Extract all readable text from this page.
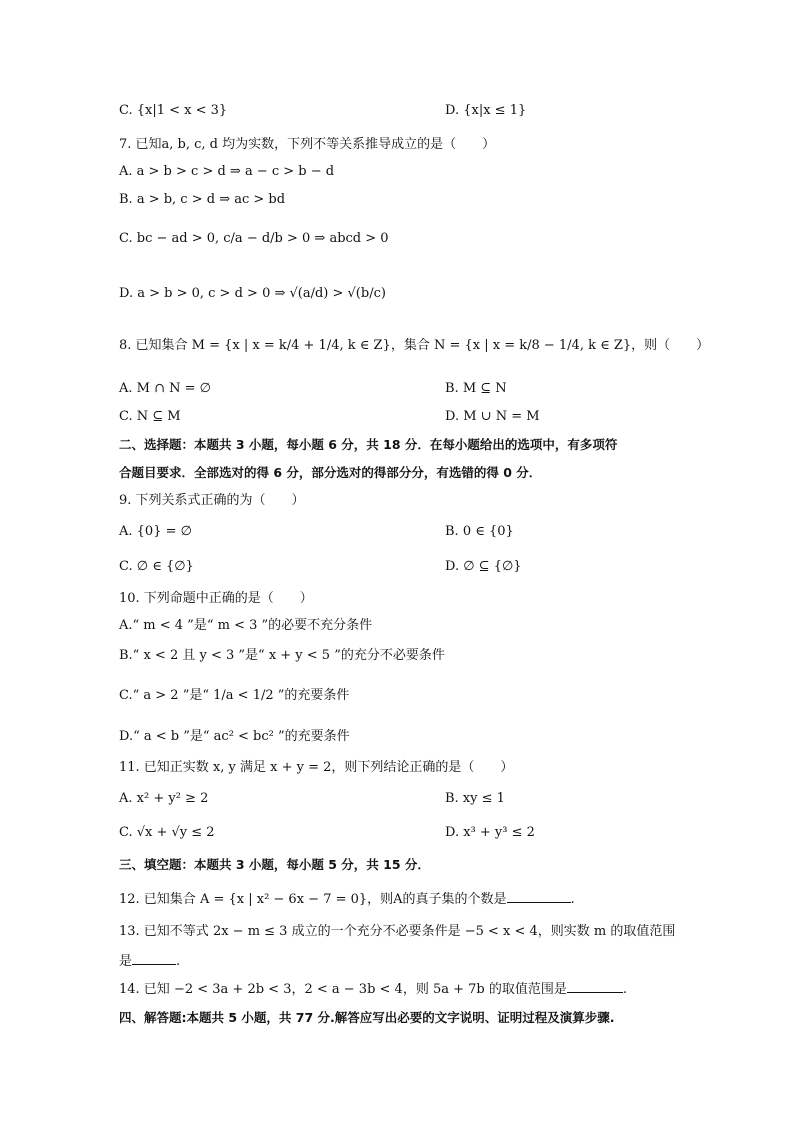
C. {x|1 < x < 3}	D. {x|x ≤ 1}
7. 已知a, b, c, d 均为实数，下列不等关系推导成立的是（　　）
A. a > b > c > d ⇒ a − c > b − d
B. a > b, c > d ⇒ ac > bd
C. bc − ad > 0, c/a − d/b > 0 ⇒ abcd > 0
D. a > b > 0, c > d > 0 ⇒ √(a/d) > √(b/c)
8. 已知集合 M = {x | x = k/4 + 1/4, k ∈ Z}，集合 N = {x | x = k/8 − 1/4, k ∈ Z}，则（　　）
A. M ∩ N = ∅	B. M ⊆ N
C. N ⊆ M	D. M ∪ N = M
二、选择题：本题共 3 小题，每小题 6 分，共 18 分．在每小题给出的选项中，有多项符
合题目要求．全部选对的得 6 分，部分选对的得部分分，有选错的得 0 分．
9. 下列关系式正确的为（　　）
A. {0} = ∅	B. 0 ∈ {0}
C. ∅ ∈ {∅}	D. ∅ ⊆ {∅}
10. 下列命题中正确的是（　　）
A.“ m < 4 ”是“ m < 3 ”的必要不充分条件
B.“ x < 2 且 y < 3 ”是“ x + y < 5 ”的充分不必要条件
C.“ a > 2 ”是“ 1/a < 1/2 ”的充要条件
D.“ a < b ”是“ ac² < bc² ”的充要条件
11. 已知正实数 x, y 满足 x + y = 2，则下列结论正确的是（　　）
A. x² + y² ≥ 2	B. xy ≤ 1
C. √x + √y ≤ 2	D. x³ + y³ ≤ 2
三、填空题：本题共 3 小题，每小题 5 分，共 15 分．
12. 已知集合 A = {x | x² − 6x − 7 = 0}，则A的真子集的个数是	.
13. 已知不等式 2x − m ≤ 3 成立的一个充分不必要条件是 −5 < x < 4，则实数 m 的取值范围
是	.
14. 已知 −2 < 3a + 2b < 3，2 < a − 3b < 4，则 5a + 7b 的取值范围是	.
四、解答题:本题共 5 小题，共 77 分.解答应写出必要的文字说明、证明过程及演算步骤.
